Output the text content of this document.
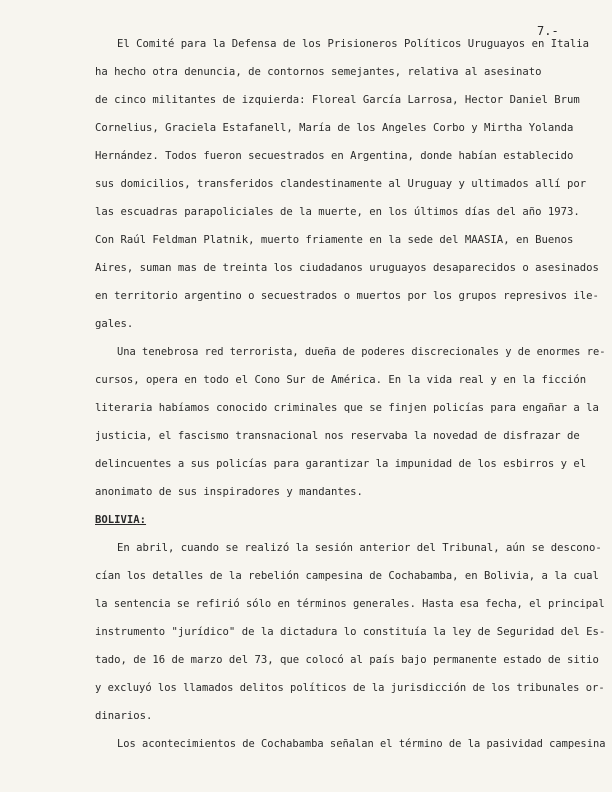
7.-
El Comité para la Defensa de los Prisioneros Políticos Uruguayos en Italia
ha hecho otra denuncia, de contornos semejantes, relativa al asesinato
de cinco militantes de izquierda: Floreal García Larrosa, Hector Daniel Brum
Cornelius, Graciela Estafanell, María de los Angeles Corbo y Mirtha Yolanda
Hernández. Todos fueron secuestrados en Argentina, donde habían establecido
sus domicilios, transferidos clandestinamente al Uruguay y ultimados allí por
las escuadras parapoliciales de la muerte, en los últimos días del año 1973.
Con Raúl Feldman Platnik, muerto friamente en la sede del MAASIA, en Buenos
Aires, suman mas de treinta los ciudadanos uruguayos desaparecidos o asesinados
en territorio argentino o secuestrados o muertos por los grupos represivos ile-
gales.
Una tenebrosa red terrorista, dueña de poderes discrecionales y de enormes re-
cursos, opera en todo el Cono Sur de América. En la vida real y en la ficción
literaria habíamos conocido criminales que se finjen policías para engañar a la
justicia, el fascismo transnacional nos reservaba la novedad de disfrazar de
delincuentes a sus policías para garantizar la impunidad de los esbirros y el
anonimato de sus inspiradores y mandantes.
BOLIVIA:
En abril, cuando se realizó la sesión anterior del Tribunal, aún se descono-
cían los detalles de la rebelión campesina de Cochabamba, en Bolivia, a la cual
la sentencia se refirió sólo en términos generales. Hasta esa fecha, el principal
instrumento "jurídico" de la dictadura lo constituía la ley de Seguridad del Es-
tado, de 16 de marzo del 73, que colocó al país bajo permanente estado de sitio
y excluyó los llamados delitos políticos de la jurisdicción de los tribunales or-
dinarios.
Los acontecimientos de Cochabamba señalan el término de la pasividad campesina
